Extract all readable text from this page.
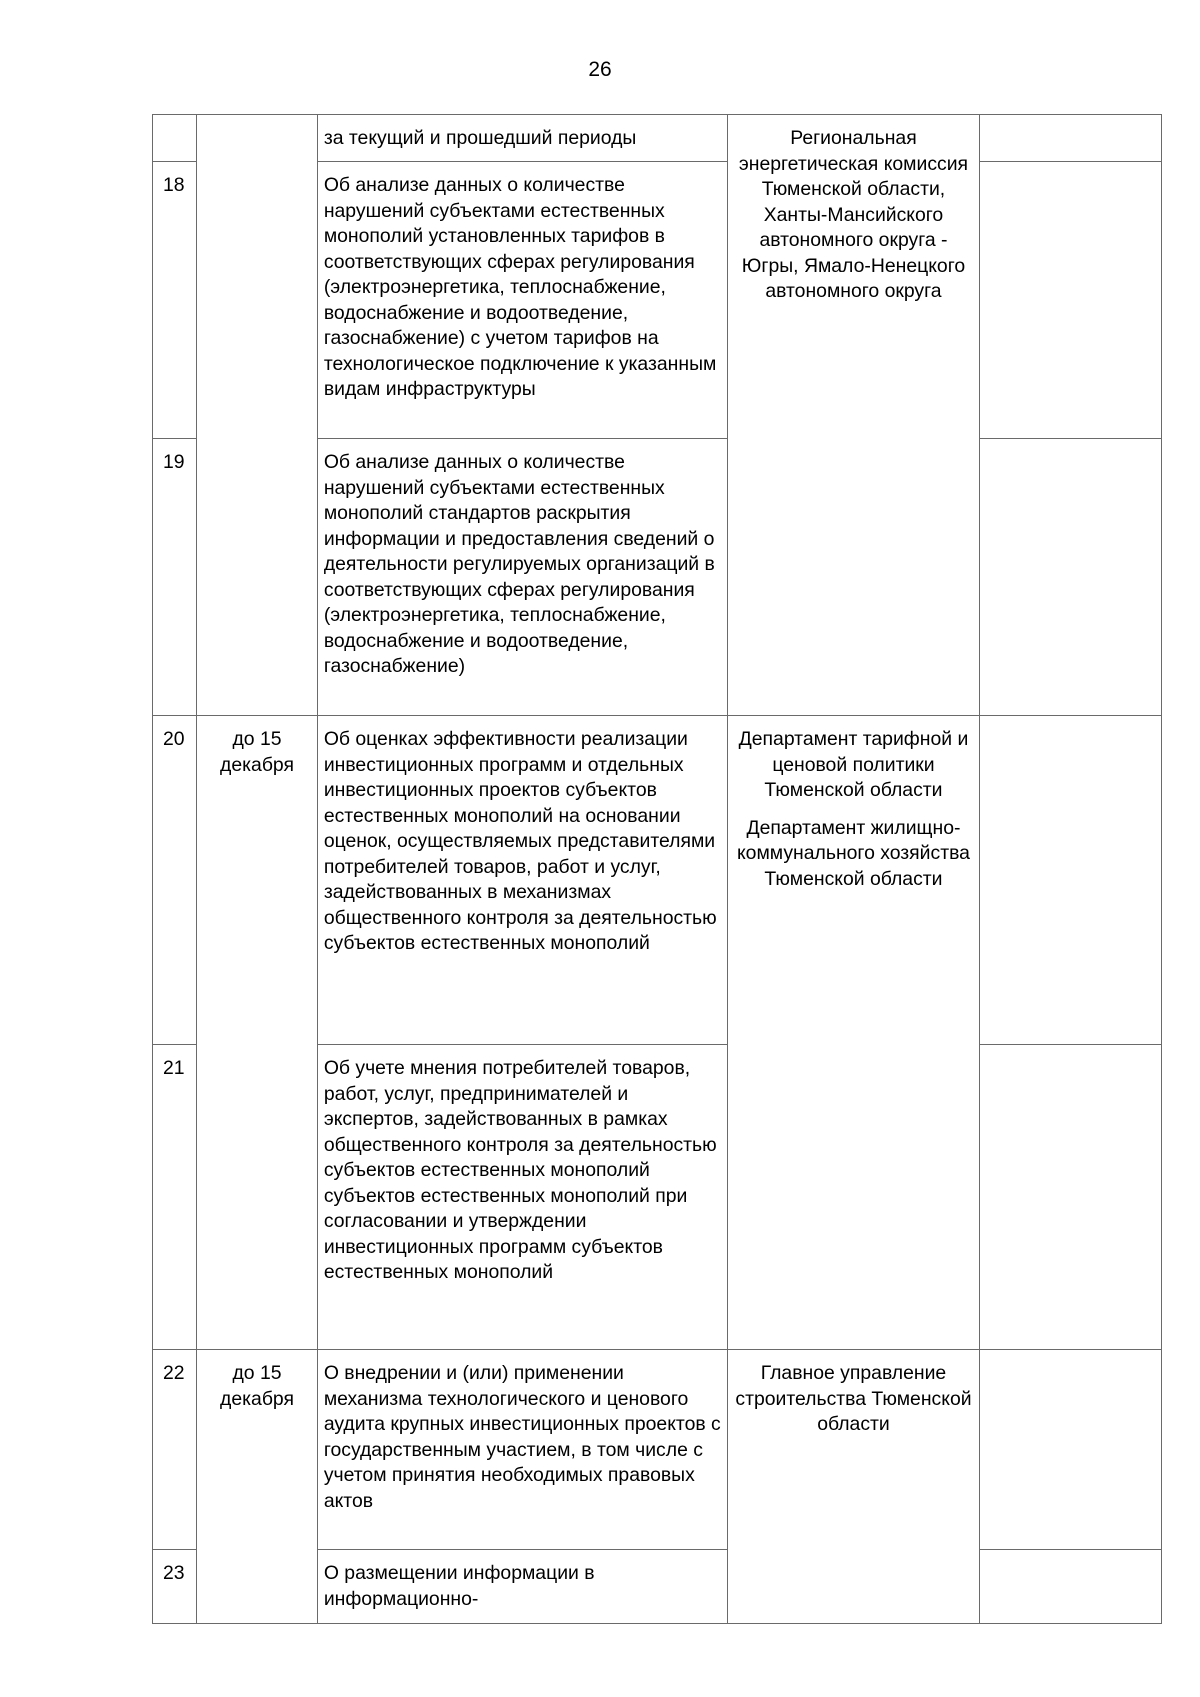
26
		за текущий и прошедший периоды	Региональная энергетическая комиссия Тюменской области, Ханты-Мансийского автономного округа - Югры, Ямало-Ненецкого автономного округа	

18		Об анализе данных о количестве нарушений субъектами естественных монополий установленных тарифов в соответствующих сферах регулирования (электроэнергетика, теплоснабжение, водоснабжение и водоотведение, газоснабжение) с учетом тарифов на технологическое подключение к указанным видам инфраструктуры		
19		Об анализе данных о количестве нарушений субъектами естественных монополий стандартов раскрытия информации и предоставления сведений о деятельности регулируемых организаций в соответствующих сферах регулирования (электроэнергетика, теплоснабжение, водоснабжение и водоотведение, газоснабжение)		
20	до 15 декабря	Об оценках эффективности реализации инвестиционных программ и отдельных инвестиционных проектов субъектов естественных монополий на основании оценок, осуществляемых представителями потребителей товаров, работ и услуг, задействованных в механизмах общественного контроля за деятельностью субъектов естественных монополий	Департамент тарифной и ценовой политики Тюменской области
Департамент жилищно-коммунального хозяйства Тюменской области	

21		Об учете мнения потребителей товаров, работ, услуг, предпринимателей и экспертов, задействованных в рамках общественного контроля за деятельностью субъектов естественных монополий субъектов естественных монополий при согласовании и утверждении инвестиционных программ субъектов естественных монополий		
22	до 15 декабря	О внедрении и (или) применении механизма технологического и ценового аудита крупных инвестиционных проектов с государственным участием, в том числе с учетом принятия необходимых правовых актов	Главное управление строительства Тюменской области	

23		О размещении информации в информационно-		
